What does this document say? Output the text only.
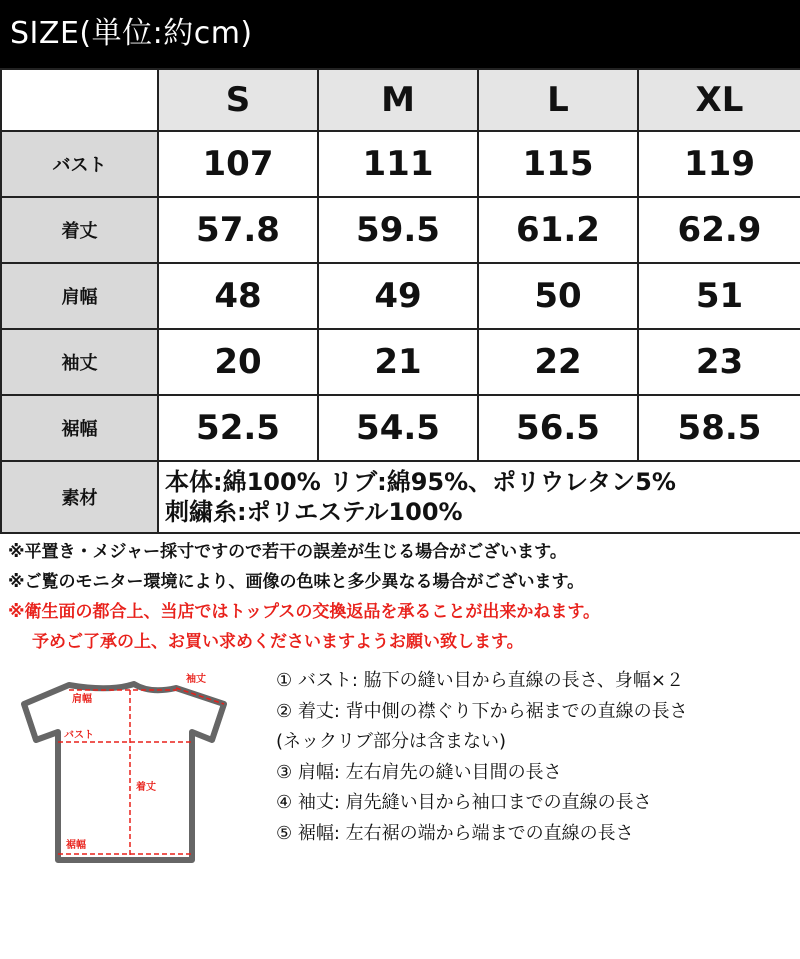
SIZE(単位:約cm)
	S	M	L	XL
バスト	107	111	115	119
着丈	57.8	59.5	61.2	62.9
肩幅	48	49	50	51
袖丈	20	21	22	23
裾幅	52.5	54.5	56.5	58.5
素材	本体:綿100% リブ:綿95%、ポリウレタン5%
刺繍糸:ポリエステル100%			
※平置き・メジャー採寸ですので若干の誤差が生じる場合がございます。
※ご覧のモニター環境により、画像の色味と多少異なる場合がございます。
※衛生面の都合上、当店ではトップスの交換返品を承ることが出来かねます。
予めご了承の上、お買い求めくださいますようお願い致します。
肩幅
バスト
着丈
袖丈
裾幅
① バスト: 脇下の縫い目から直線の長さ、身幅×２
② 着丈: 背中側の襟ぐり下から裾までの直線の長さ
(ネックリブ部分は含まない)
③ 肩幅: 左右肩先の縫い目間の長さ
④ 袖丈: 肩先縫い目から袖口までの直線の長さ
⑤ 裾幅: 左右裾の端から端までの直線の長さ
